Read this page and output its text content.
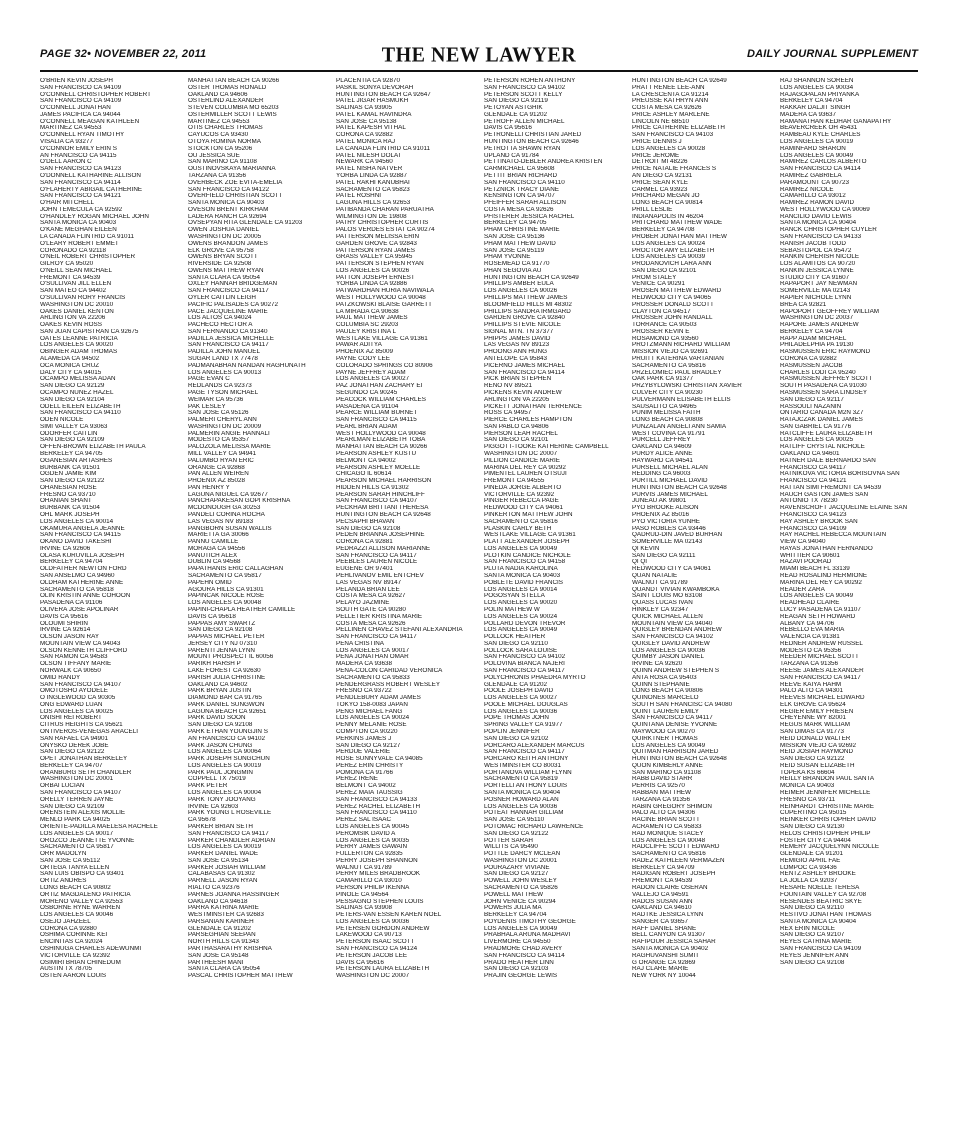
PAGE 32• NOVEMBER 22, 2011	THE NEW LAWYER	DAILY JOURNAL SUPPLEMENT
O'BRIEN KEVIN JOSEPH
SAN FRANCISCO CA 94109
O'CONNELL CHRISTOPHER ROBERT
SAN FRANCISCO CA 94109
O'CONNELL JONATHAN
JAMES PACIFICA CA 94044
O'CONNELL MEAGAN KATHLEEN
MARTINEZ CA 94553
O'CONNELL RYAN TIMOTHY
VISALIA CA 93277
O'CONNOR EMILY ERIN S
AN FRANCISCO CA 94115
O'DELL AARON C
SAN FRANCISCO CA 94123
O'DONNELL KATHARINE ALLISON
SAN FRANCISCO CA 94114
O'FLAHERTY ABIGAIL CATHERINE
SAN FRANCISCO CA 94121
O'HAIR MITCHELL
JOHN TEMECULA CA 92592
O'HANDLEY ROGAN MICHAEL JOHN
SANTA MONICA CA 90403
O'KANE MEGHAN EILEEN
LA CANADA FLINTRID CA 91011
O'LEARY ROBERT EMMET
CORONADO CA 92118
O'NEIL ROBERT CHRISTOPHER
GILROY CA 95020
O'NEILL SEAN MICHAEL
FREMONT CA 94539
O'SULLIVAN JILL ELLEN
SAN MATEO CA 94402
O'SULLIVAN RORY FRANCIS
WASHINGTON DC 20010
OAKES DANIEL KENTON
ARLINGTON VA 22206
OAKES KEVIN ROSS
SAN JUAN CAPISTRAN CA 92675
OATES LEANNE PATRICIA
LOS ANGELES CA 90020
OBINGER ADAM THOMAS
ALAMEDA CA 94502
OCA MONICA CRUZ
DALY CITY CA 94015
OCAMPO MELISSA ADAN
SAN DIEGO CA 92129
OCAMPO NUNEZ HAZEL
SAN DIEGO CA 92104
ODELL EILEEN ELIZABETH
SAN FRANCISCO CA 94110
ODEN NICOLE
SIMI VALLEY CA 93063
ODORFER CAITLIN
SAN DIEGO CA 92109
OFFEN-BROWN ELIZABETH PAULA
BERKELEY CA 94705
OGANESIAN ARTASHES
BURBANK CA 91501
OGDEN JAMIE KIM
SAN DIEGO CA 92122
OHANESIAN ROSE
FRESNO CA 93710
OHANIAN SHANT
BURBANK CA 91504
OHL MARK JOSEPH
LOS ANGELES CA 90014
OKAMURA ANGELA JEANNE
SAN FRANCISCO CA 94115
OKANO DAVID TAKESHI
IRVINE CA 92606
OLASA KURUVILLA JOSEPH
BERKELEY CA 94704
OLDFATHER NEWTON FORD
SAN ANSELMO CA 94960
OLDHAM KATHERINE ANNE
SACRAMENTO CA 95818
OLIN KRISTIN ANNE COHOON
PASADENA CA 91106
OLIVERA JOSE APOLINAR
DAVIS CA 95616
OLOUMI SHIRIN
IRVINE CA 92614
OLSON JASON RAY
MOUNTAIN VIEW CA 94043
OLSON KENNETH CLIFFORD
SAN RAMON CA 94583
OLSON TIFFANY MARIE
NORWALK CA 90650
OMID RANDY
SAN FRANCISCO CA 94107
OMOTOSHO AYODELE
O INGLEWOOD CA 90305
ONG EDWARD LUAN
LOS ANGELES CA 90025
ONISHI REI ROBERT
CITRUS HEIGHTS CA 95621
ONTIVEROS-VENEGAS ARACELI
SAN RAFAEL CA 94901
ONYSKO DEREK JOBE
SAN DIEGO CA 92122
OPET JONATHAN BERKELEY
BERKELEY CA 94707
ORANBURG SETH CHANDLER
WASHINGTON DC 20001
ORBAI LUCIAN
SAN FRANCISCO CA 94107
ORELLY TERREN JAYNE
SAN DIEGO CA 92109
ORENSTEIN ALEXIS MOLLIE
MENLO PARK CA 94025
ORIENTE-PADILLA MAELESA RACHELE
LOS ANGELES CA 90017
OROZCO JEANNETTE YVONNE
SACRAMENTO CA 95817
ORR MADOLYN
SAN JOSE CA 95112
ORTEGA TANYA ELLEN
SAN LUIS OBISPO CA 93401
ORTIZ ANDRES
LONG BEACH CA 90802
ORTIZ MAGDALENO PATRICIA
MORENO VALLEY CA 92553
OSBORNE RYNE WARREN
LOS ANGELES CA 90046
OSEJO JAHZEEL
CORONA CA 92880
OSHIMA CORINNE KEI
ENCINITAS CA 92024
OSHINUGA CHARLES ADEWUNMI
VICTORVILLE CA 92392
OSIMIRI BRIAN CHINEDUM
AUSTIN TX 78705
OSTEN AARON LOUIS
MANHATTAN BEACH CA 90266
OSTER THOMAS RONALD
OAKLAND CA 94606
OSTERLIND ALEXANDER
STEVEN COLUMBIA MO 65203
OSTERMILLER SCOTT LEWIS
MARTINEZ CA 94553
OTIS CHARLES THOMAS
CAYUCOS CA 93430
OTOYA ROMINA NORMA
STOCKTON CA 95206
OU JESSICA SUE
SAN MARINO CA 91108
OUSTINOVSKAYA MARIANNA
TARZANA CA 91356
OVERBECK ZOE EVITA-EMELIA
SAN FRANCISCO CA 94122
OVERFIELD CHRISTIAN SCOTT
SANTA MONICA CA 90403
OVESON BRENT KIRKHAM
LADERA RANCH CA 92694
OVSEPYAN RITA GLENDALE CA 91203
OWEN JOSHUA DANIEL
WASHINGTON DC 20005
OWENS BRANDON JAMES
ELK GROVE CA 95758
OWENS BRYAN SCOTT
RIVERSIDE CA 92508
OWENS MATTHEW RYAN
SANTA CLARA CA 95054
OXLEY HANNAH BRIDGEMAN
SAN FRANCISCO CA 94117
OYLER CAITLIN LEIGH
PACIFIC PALISADES CA 90272
PACE JACQUELINE MARIE
LOS ALTOS CA 94024
PACHECO HECTOR A
SAN FERNANDO CA 91340
PADILLA JESSICA MICHELLE
SAN FRANCISCO CA 94117
PADILLA JOHN MANUEL
SUGAR LAND TX 77478
PADMANABHAN NANDAN RAGHUNATH
LOS ANGELES CA 90013
PAGE EVAN C
REDLANDS CA 92373
PAGE TYSON MICHAEL
WEIMAR CA 95736
PAK LESLEY
SAN JOSE CA 95126
PALMERI CHERYL ANN
WASHINGTON DC 20009
PALMERIN ANGIE HANNALI
MODESTO CA 95357
PALOZOLA MELISSA MARIE
MILL VALLEY CA 94941
PALUMBO RYAN ERIC
ORANGE CA 92868
PAN ALLEN WEIREN
PHOENIX AZ 85028
PAN HENRY Y
LAGUNA NIGUEL CA 92677
PANCHAPAKESAN GOPI KRISHNA
MCDONOUGH GA 30253
PANDELI CORINA ROCHA
LAS VEGAS NV 89183
PANGBORN SUSAN WALLIS
MARIETTA GA 30066
PANNU CAMILLE
MORAGA CA 94556
PANUTICH ALEX
DUBLIN CA 94568
PAPATHANIS ERIC CALLAGHAN
SACRAMENTO CA 95817
PAPEHN OMID
AGOURA HILLS CA 91301
PAPINCAK NICOLE ROSE
LOS ANGELES CA 90048
PAPINI-CHAPLA HEATHER CAMILLE
DAVIS CA 95618
PAPPAS AMY SWARTZ
SAN DIEGO CA 92108
PAPPAS MICHAEL PETER
JERSEY CITY NJ 07310
PARENTI JENNA LYNN
MOUNT PROSPECT IL 60056
PARIKH HARSH P
LAKE FOREST CA 92630
PARISH JULIA CHRISTINE
OAKLAND CA 94602
PARK BRYAN JUSTIN
DIAMOND BAR CA 91765
PARK DANIEL SUNGWON
LAGUNA BEACH CA 92651
PARK DAVID SOON
SAN DIEGO CA 92108
PARK ETHAN YOUNGJIN S
AN FRANCISCO CA 94102
PARK JASON CHUNG
LOS ANGELES CA 90064
PARK JOSEPH SUNGCHUN
LOS ANGELES CA 90019
PARK PAUL JONGMIN
COPPELL TX 75019
PARK PETER
LOS ANGELES CA 90004
PARK TONY JOOYANG
IRVINE CA 92603
PARK YOUNG L ROSEVILLE
CA 95678
PARKER BRIAN SETH
SAN FRANCISCO CA 94117
PARKER CHANDLER ADRIAN
LOS ANGELES CA 90019
PARKER DANIEL WADE
SAN JOSE CA 95134
PARKER JOSIAH WILLIAM
CALABASAS CA 91302
PARNELL JASON RYAN
RIALTO CA 92376
PARNES JOANNA HASSINGER
OAKLAND CA 94618
PARRA KATRINA MARIE
WESTMINSTER CA 92683
PARSANIAN KARINEH
GLENDALE CA 91202
PARSEGHIAN SEEPAN
NORTH HILLS CA 91343
PARTHASARATHY KRISHNA
SAN JOSE CA 95148
PARTHEESH MANI
SANTA CLARA CA 95054
PASCAL CHRISTOPHER MATTHEW
PLACENTIA CA 92870
PASKIL SONYA DEVORAH
HUNTINGTON BEACH CA 92647
PATEL JIGAR HASMUKH
SALINAS CA 93905
PATEL KAMAL RAVINDRA
SAN JOSE CA 95138
PATEL KAPESH VITHAL
CORONA CA 92882
PATEL MONICA RAJ
LA CANADA FLINTRID CA 91011
PATEL NILESH DOLAT
NEWARK CA 94560
PATEL NISHA NATVER
YORBA LINDA CA 92887
PATEL RAKHI KANUBHAI
SACRAMENTO CA 95823
PATEL ROSHNI
LAGUNA HILLS CA 92653
PATIBANDA CHARAN PARUATHA
WILMINGTON DE 19808
PATRY CHRISTOPHER CURTIS
PALOS VERDES ESTAT CA 90274
PATTERSON MELISSA ERIN
GARDEN GROVE CA 92843
PATTERSON RYAN JAMES
GRASS VALLEY CA 95945
PATTERSON STEPHEN RYAN
LOS ANGELES CA 90026
PATTON JOSEPH ERNEST
YORBA LINDA CA 92886
PATWARDHAN HURIA NAVIWALA
WEST HOLLYWOOD CA 90048
PATZKOWSKI BLAISE GARRETT
LA MIRADA CA 90638
PAUL MATTHEW JAMES
COLUMBIA SC 29203
PAULEY KRISTINA L
WESTLAKE VILLAGE CA 91361
PAWAR ADITYA
PHOENIX AZ 85009
PAYNE CODY LEE
COLORADO SPRINGS CO 80906
PAYNE JEFFREY ADAM
LOS ANGELES CA 90027
PAZ JONATHAN ZACHARY EI
SEGUNDO CA 90245
PEACOCK WILLIAM CHARLES
PASADENA CA 91104
PEARCE WILLIAM BURNET
SAN FRANCISCO CA 94115
PEARL BRIAN ADAM
WEST HOLLYWOOD CA 90048
PEARLMAN ELIZABETH TOBA
MANHATTAN BEACH CA 90266
PEARSON ASHLEY KUSTU
BELMONT CA 94002
PEARSON ASHLEY MOELLE
CHICAGO IL 60614
PEARSON MICHAEL HARRISON
HIDDEN HILLS CA 91302
PEARSON SARAH HINCHLIFF
SAN FRANCISCO CA 94107
PECKHAM BRITTANI THERESA
HUNTINGTON BEACH CA 92648
PECSAPHI BHAVAN
SAN DIEGO CA 92108
PEDEN BRIANNA JOSEPHINE
CORONA CA 92881
PEDRAZZI ALLISON MARIANNE
SAN FRANCISCO CA 94117
PEEBLES LAUREN NICOLE
EUGENE OR 97401
PEHLIVANOV EMIL ENTCHEV
LAS VEGAS NV 89147
PELANDA BRIAN LEE
COSTA MESA CA 92627
PELAYO JAZMINE
SOUTH GATE CA 90280
PELLETIER KRISTINA MARIE
COSTA MESA CA 92626
PELLINEN CHAVEZ STEFANI ALEXANDRIA
SAN FRANCISCO CA 94117
PENA CRISTINA
LOS ANGELES CA 90017
PENA JONATHAN OMAR
MADERA CA 93638
PENA-COLON CARIDAD VERONICA
SACRAMENTO CA 95833
PENDERGRASS ROBERT WESLEY
FRESNO CA 93722
PENDLEBURY ADAM JAMES
TOKYO 158-0083 JAPAN
PENG MICHAEL FANG
LOS ANGELES CA 90024
PENNY MELANIE ROSE
COMPTON CA 90220
PERKINS JAMES J
SAN DIEGO CA 92127
PERDUE VALERIE
ROSE SUNNYVALE CA 94085
PEREZ ERIN CHRISTY
POMONA CA 91766
PEREZ IRENE
BELMONT CA 94002
PEREZ MAIA TAUSSIG
SAN FRANCISCO CA 94133
PEREZ RACHEL ELIZABETH
SAN FRANCISCO CA 94110
PEREZ SAL ISAAC
LOS ANGELES CA 90045
PEROMSIK DAVID A
LOS ANGELES CA 90035
PERRY JAMES GAWAIN
FULLERTON CA 92835
PERRY JOSEPH SHANNON
WALNUT CA 91789
PERRY MILES BRADBROOK
CAMARILLO CA 93010
PERSON PHILIP IKENNA
PINOLE CA 94564
PESSAGNO STEPHEN LOUIS
SALINAS CA 93908
PETERS-VAN ESSEN KAREN NOEL
LOS ANGELES CA 90036
PETERSEN GORDON ANDREW
LAKEWOOD CA 90713
PETERSON ISAAC SCOTT
SAN FRANCISCO CA 94124
PETERSON JACOB LEE
DAVIS CA 95616
PETERSON LAURA ELIZABETH
WASHINGTON DC 20007
PETERSON ROHEN ANTHONY
SAN FRANCISCO CA 94102
PETERSON SCOTT KELLY
SAN DIEGO CA 92119
PETOYAN ASTGHIK
GLENDALE CA 91202
PETROFF ALLEN MICHAEL
DAVIS CA 95616
PETRONELLI CHRISTIAN JARED
HUNTINGTON BEACH CA 92646
PETROTTA SHAWN RYAN
UPLAND CA 91784
PETTINATO-DEBLER ANDREA KRISTEN
CARMICHAEL CA 95608
PETTIT BRIAN RICHARD
SAN FRANCISCO CA 94110
PETZNICK TRACY DIANE
KENSINGTON CA 94707
PFEIFFER SARAH ALLISON
COSTA MESA CA 92626
PFISTERER JESSICA RACHEL
BERKELEY CA 94705
PHAM CHRISTINE MARIE
SAN JOSE CA 95136
PHAM MATTHEW DAVID
SAN JOSE CA 95119
PHAM YVONNE
ROSEMEAD CA 91770
PHAN SEGOVIA AU
HUNTINGTON BEACH CA 92649
PHILLIPS AMBER EULA
LOS ANGELES CA 90026
PHILLIPS MATTHEW JAMES
BLOOMFIELD HILLS MI 48302
PHILLIPS SANDRA IRMGARD
GARDEN GROVE CA 92840
PHILLIPS STEVIE NICOLE
SIGNAL MTN. TN 37377
PHIPPS JAMES DAVID
LAS VEGAS NV 89123
PHOONG ANN HUNG
ANTELOPE CA 95843
PICERNO JAMES MICHAEL
SAN FRANCISCO CA 94114
PICK BRIAN STEPHEN
RENO NV 89521
PICKENS KEVIN ANDREW
ARLINGTON VA 22205
PICKETT JONATHAN TERRENCE
ROSS CA 94957
PIERCE CHARLES HAMPTON
SAN PABLO CA 94806
PIERSON LEAH RACHEL
SAN DIEGO CA 92101
PIGGOTT-TOOKE KATHERINE CAMPBELL
WASHINGTON DC 20007
PILLION CANDICE MARIE
MARINA DEL REY CA 90292
PIMENTEL LAUREN OTSUJI
FREMONT CA 94555
PINEDA JORGE ALBERTO
VICTORVILLE CA 92392
PINGER REBECCA PAGE
REDWOOD CITY CA 94061
PINKERTON MATTHEW JOHN
SACRAMENTO CA 95816
PLASKIN CARLY BETH
WESTLAKE VILLAGE CA 91361
PLATT ALEXANDER JOSEPH
LOS ANGELES CA 90049
PLOTKIN CANDICE NICHOLE
SAN FRANCISCO CA 94158
PLUTA NADIA KAROLINA
SANTA MONICA CA 90403
POBLETE DAVID FRANCIS
LOS ANGELES CA 90014
POGOSYAN STELLA
LOS ANGELES CA 90020
POLIN MATHEW W
LOS ANGELES CA 90024
POLLARD DEVON TREVOR
LOS ANGELES CA 90049
POLLOCK HEATHER
SAN DIEGO CA 92110
POLLOCK SARA LOUISE
SAN FRANCISCO CA 94102
POLOVINA BIANCA NAJERI
SAN FRANCISCO CA 94117
POLYCHRONIS PHAEDRA MYRTO
GLENDALE CA 91202
POOLE JOSEPH DAVID
LOS ANGELES CA 90027
POOLE MICHAEL DOUGLAS
LOS ANGELES CA 90036
POPE THOMAS JOHN
SPRING VALLEY CA 91977
POPLIN JENNIFER
SAN DIEGO CA 92102
PORCARO ALEXANDER MARCUS
SAN FRANCISCO CA 94117
PORCARO KEITH ANTHONY
WESTMINSTER CO 80031
PORTANOVA WILLIAM FLYNN
SACRAMENTO CA 95819
PORTELLI ANTHONY LOUIS
SANTA MONICA CA 90404
POSNER HOWARD ALAN
LOS ANGELES CA 90036
POTEAT HANNAH GILLIAM
SAN JOSE CA 95110
POTOMAC RICHARD LAWRENCE
SAN DIEGO CA 92122
POTTER SARAH
WILLITS CA 95490
POTTLE DARCY MCLEAN
WASHINGTON DC 20001
POURAZARY VIVIANE
SAN DIEGO CA 92127
POWELL JOHN WESLEY
SACRAMENTO CA 95826
POWELL MATTHEW
JOHN VENICE CA 90294
POWERS JULIA MA
BERKELEY CA 94704
POYDENIS TIMOTHY GEORGE
LOS ANGELES CA 90049
PRABHALA ARUNA MADHAVI
LIVERMORE CA 94550
PRADMORE CHAD AVERY
SAN FRANCISCO CA 94114
PRADO HEATHER LINN
SAN DIEGO CA 92103
PRAJIN GEORGE LEWIS
HUNTINGTON BEACH CA 92649
PRATT RENEE LEE-ANN
LA CRESCENTA CA 91214
PREUSSE KATHRYN ANN
COSTA MESA CA 92626
PRICE ASHLEY MARLENE
LINCOLN NE 68510
PRICE CATHERINE ELIZABETH
SAN FRANCISCO CA 94103
PRICE DENNIS J
LOS ANGELES CA 90028
PRICE JEROME
DETROIT MI 48226
PRICE NATALIE FRANCES S
AN DIEGO CA 92131
PRICE SEAN KYLE
CARMEL CA 93923
PRICHARD MEGAN JO
LONG BEACH CA 90814
PRILL LESLIE
INDIANAPOLIS IN 46204
PRITCHARD MATTHEW WADE
BERKELEY CA 94708
PROBER JONATHAN MATTHEW
LOS ANGELES CA 90024
PROCTOR AMY ELIZABETH
LOS ANGELES CA 90039
PRODANOVICH LARA ANN
SAN DIEGO CA 92101
PROM STALEY
VENICE CA 90291
PROSEN MATTHEW EDWARD
REDWOOD CITY CA 94065
PROSSER DONALD SCOTT
CLAYTON CA 94517
PROSSER JOHN RANDALL
TORRANCE CA 90503
PROSSER KEVIN E
ROSAMOND CA 93560
PROTZMANN RICHARD WILLIAM
MISSION VIEJO CA 92691
PRUITT KATERINA VARTANIAN
SACRAMENTO CA 95816
PRZELOMIEC PAUL BRADLEY
OAK PARK CA 91377
PRZYBYLOWSKI CHRISTIAN XAVIER
CULVER CITY CA 90230
PULVERMANN ELISABETH ELLIS
SAUSALITO CA 94965
PUNIM MELISSA FAITH
LONG BEACH CA 90808
PUNZALAN ANGELI ANN SAMIA
WEST COVINA CA 91791
PURCELL JEFFREY
OAKLAND CA 94609
PURDY ALICE ANNE
HAYWARD CA 94541
PURSELL MICHAEL ALAN
REDDING CA 96003
PURTILL MICHAEL DAVID
HUNTINGTON BEACH CA 92648
PURVIS JAMES MICHAEL
JUNEAU AK 99801
PYO BROOKE ALISON
PHOENIX AZ 85016
PYO VICTORIA YUNHE
PASO ROBLES CA 93446
QADRUD-DIN JAVED BURHAN
SOMERVILLE MA 02143
QI KEVIN
SAN DIEGO CA 92111
QI QI
REDWOOD CITY CA 94061
QUAN NATALIE
WALNUT CA 91789
QUANDT VIVIAN KWAMBOKA
SAINT LOUIS MO 63108
QUASS LUCAS IVAN
HINKLEY CA 92347
QUICK MICHAEL ALLEN
MOUNTAIN VIEW CA 94040
QUIGLEY BRENDAN ANDREW
SAN FRANCISCO CA 94102
QUIGLEY DAVID ANDREW
LOS ANGELES CA 90036
QUIMBY JASON DANIEL
IRVINE CA 92620
QUINN ANDREW STEPHEN S
ANTA ROSA CA 95403
QUINN STEPHANIE
LONG BEACH CA 90806
QUIÑONES MARCELO
SOUTH SAN FRANCISC CA 94080
QUINT LAUREN EMILY
SAN FRANCISCO CA 94117
QUINTANA DENISE YVONNE
MAYWOOD CA 90270
QUIRKTNER THOMAS
LOS ANGELES CA 90049
QUITMAN HARRISON JARED
HUNTINGTON BEACH CA 92648
QUON KIMBERLY ANNE
SAN MARINO CA 91108
RABB DAVID STARR
PERRIS CA 92570
RABBAN MATTHEW
TARZANA CA 91356
RABIN GREGORY SHIMON
PALO ALTO CA 94306
RACINE BRIAN SCOTT
ACRAMENTO CA 95833
RAD MONIQUE STACEY
LOS ANGELES CA 90048
RADCLIFFE SCOTT EDWARD
SACRAMENTO CA 95816
RADEZ KATHLEEN VERMAZEN
BERKELEY CA 94709
RADIGAN ROBERT JOSEPH
FREMONT CA 94539
RADON CLAIRE OSERAN
VALLEJO CA 94591
RADOS SUSAN ANN
OAKLAND CA 94610
RADTKE JESSICA LYNN
SANGER CA 93657
RAFF DANIEL SHANE
BELL CANYON CA 91307
RAFIPOUR JESSICA SAHAR
SANTA MONICA CA 90402
RAGHUVANSHI SUMIT
G ORANGE CA 92869
RAJ CLARE MARIE
NEW YORK NY 10044
RAJ SHANNON SOREEN
LOS ANGELES CA 90034
RAJAGOPALAN PRIYANKA
BERKELEY CA 94704
RAKKAR DALJIT SINGH
MADERA CA 93637
RAMANATHAN KEDHAR GANAPATHY
BEAVERCREEK OH 45431
RAMBEAU KYLE CHARLES
LOS ANGELES CA 90019
RAMINFARD SHARON
LOS ANGELES CA 90049
RAMIREZ CARLOS ALBERTO
SAN FRANCISCO CA 94114
RAMIREZ GABRIELA
PARAMOUNT CA 90723
RAMIREZ NICOLE
CAMARILLO CA 93012
RAMIREZ RAMON DAVID
WEST HOLLYWOOD CA 90069
RANCILIO DAVID LEWIS
SANTA MONICA CA 90404
RANCK CHRISTOPHER CUYLER
SAN FRANCISCO CA 94133
RANISH JACOB TODD
SEBASTOPOL CA 95472
RANKIN CHERISH NICOLE
LOS ALAMITOS CA 90720
RANKIN JESSICA LYNNE
STUDIO CITY CA 91607
RAPAPORT JAY NEWMAN
SOMERVILLE MA 02143
RAPIER NICHOLE LYNN
BREA CA 92821
RAPOPORT GEOFFREY WILLIAM
WASHINGTON DC 20037
RAPORE JAMES ANDREW
BERKELEY CA 94704
RAPP ADAM MICHAEL
PHILADELPHIA PA 19130
RASMUSSEN ERIC RAYMOND
CORONA CA 92882
RASMUSSEN JACOB
CHARLES LODI CA 95240
RASMUSSEN JEFFREY SCOTT
SOUTH PASADENA CA 91030
RASMUSSEN SARA LINDSEY
SAN DIEGO CA 92117
RASSOULI NAZANIN
ONTARIO CANADA M2N 3Z7
RATAJCZAK DANIEL JAMES
SAN GABRIEL CA 91776
RATCLIFFE LAURA ELIZABETH
LOS ANGELES CA 90025
RATLIFF CRYSTAL NICHOLE
OAKLAND CA 94601
RATNER DALE BERNARDO SAN
FRANCISCO CA 94117
RATNIKOVA VICTORIA BORISOVNA SAN
FRANCISCO CA 94121
RATTAN SIMI FREMONT CA 94539
RAUCH GASTON JAMES SAN
ANTONIO TX 78230
RAVENSCROFT JACQUELINE ELAINE SAN
FRANCISCO CA 94123
RAY ASHLEY BROOK SAN
FRANCISCO CA 94109
RAY RACHEL REBECCA MOUNTAIN
VIEW CA 94040
RAYAS JONATHAN FERNANDO
WHITTIER CA 90601
RAZAVI POORAD
MIAMI BEACH FL 33139
READ ROSALIND HERMIONE
MARINA DEL REY CA 90292
READER ZARA
LOS ANGELES CA 90049
READHEAD CLAIRE
LUCY PASADENA CA 91107
REAGAN SETH HOWARD
ALBANY CA 94706
REBELLO EVA MARIA
VALENCIA CA 91381
REDNER ANDREW RUSSEL
MODESTO CA 95356
REEDER MICHAEL SCOTT
TARZANA CA 91356
REESE JAMES ALEXANDER
SAN FRANCISCO CA 94117
REEVE KAIYA HAHM
PALO ALTO CA 94301
REEVES MICHAEL EDWARD
ELK GROVE CA 95624
REGIER EMILY FRIESEN
CHEYENNE WY 82001
REGUS MARK WILLIAM
SAN DIMAS CA 91773
REID DONALD WALTER
MISSION VIEJO CA 92692
REID JOSIAH RAYMOND
SAN DIEGO CA 92122
REID SUSAN ELIZABETH
TOPEKA KS 66604
REILLY BRANDON PAUL SANTA
MONICA CA 90403
REIMER JENNIFER MICHELLE
FRESNO CA 93711
REINHARDT CHRISTINE MARIE
CUPERTINO CA 95015
REINKER CHRISTOPHER DAVID
SAN DIEGO CA 92130
RELOS CHRISTOPHER PHILIP
FOSTER CITY CA 94404
REMERY JACQUELYNN NICOLLE
GLENDALE CA 91201
REMIGIO APRIL FAE
LOMPOC CA 93436
RENTZ ASHLEY BROOKE
LA JOLLA CA 92037
RESARE NOELLE TERESA
FOUNTAIN VALLEY CA 92708
RESENDES BEATRIC SKYE
SAN DIEGO CA 92110
RESTIVO JONATHAN THOMAS
SANTA MONICA CA 90404
REX ERIN NICOLE
SAN DIEGO CA 92107
REYES CATRINA MARIE
SAN FRANCISCO CA 94109
REYES JENNIFER ANN
SAN DIEGO CA 92108
